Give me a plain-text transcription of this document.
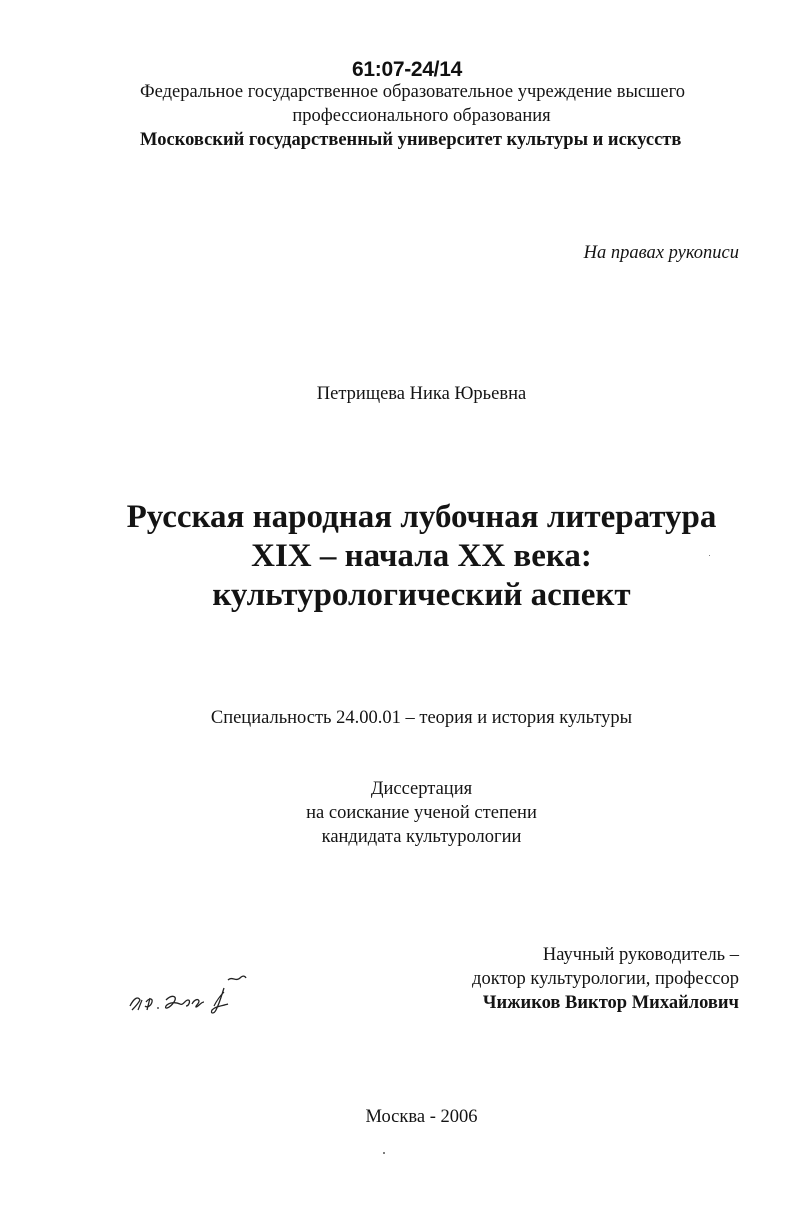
61:07-24/14
Федеральное государственное образовательное учреждение высшего
профессионального образования
Московский государственный университет культуры и искусств
На правах рукописи
Петрищева Ника Юрьевна
Русская народная лубочная литература
XIX – начала XX века:
культурологический аспект
Специальность 24.00.01 – теория и история культуры
Диссертация
на соискание ученой степени
кандидата культурологии
Научный руководитель –
доктор культурологии, профессор
Чижиков Виктор Михайлович
Москва - 2006
